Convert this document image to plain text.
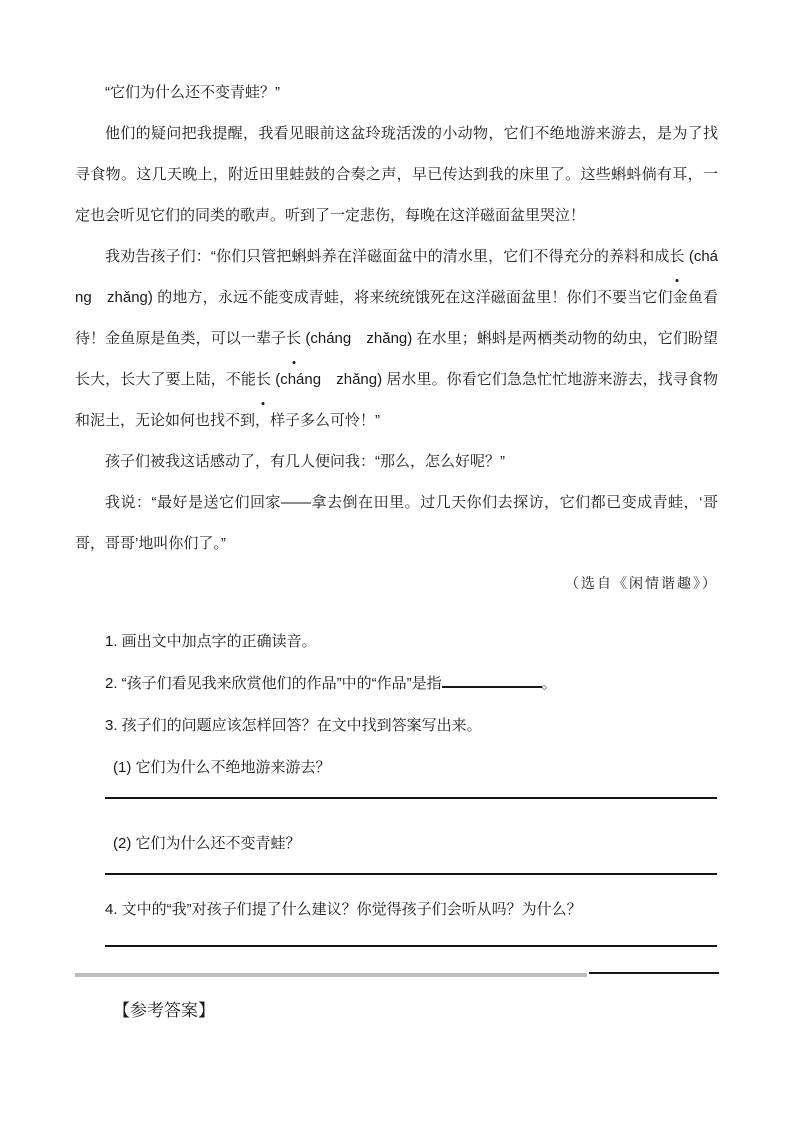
“它们为什么还不变青蛙？”

他们的疑问把我提醒，我看见眼前这盆玲珑活泼的小动物，它们不绝地游来游去，是为了找寻食物。这几天晚上，附近田里蛙鼓的合奏之声，早已传达到我的床里了。这些蝌蚪倘有耳，一定也会听见它们的同类的歌声。听到了一定悲伤，每晚在这洋磁面盆里哭泣！

我劝告孩子们：“你们只管把蝌蚪养在洋磁面盆中的清水里，它们不得充分的养料和成长 (cháng　zhǎng) 的地方，永远不能变成青蛙，将来统统饿死在这洋磁面盆里！你们不要当它们金鱼看待！金鱼原是鱼类，可以一辈子长 (cháng　zhǎng) 在水里；蝌蚪是两栖类动物的幼虫，它们盼望长大，长大了要上陆，不能长 (cháng　zhǎng) 居水里。你看它们急急忙忙地游来游去，找寻食物和泥土，无论如何也找不到，样子多么可怜！”

孩子们被我这话感动了，有几人便问我：“那么，怎么好呢？”

我说：“最好是送它们回家——拿去倒在田里。过几天你们去探访，它们都已变成青蛙，‘哥哥，哥哥’地叫你们了。”

（选自《闲情谐趣》）

1. 画出文中加点字的正确读音。

2. “孩子们看见我来欣赏他们的作品”中的“作品”是指	。

3. 孩子们的问题应该怎样回答？在文中找到答案写出来。

(1) 它们为什么不绝地游来游去？

(2) 它们为什么还不变青蛙？

4. 文中的“我”对孩子们提了什么建议？你觉得孩子们会听从吗？为什么？

【参考答案】
